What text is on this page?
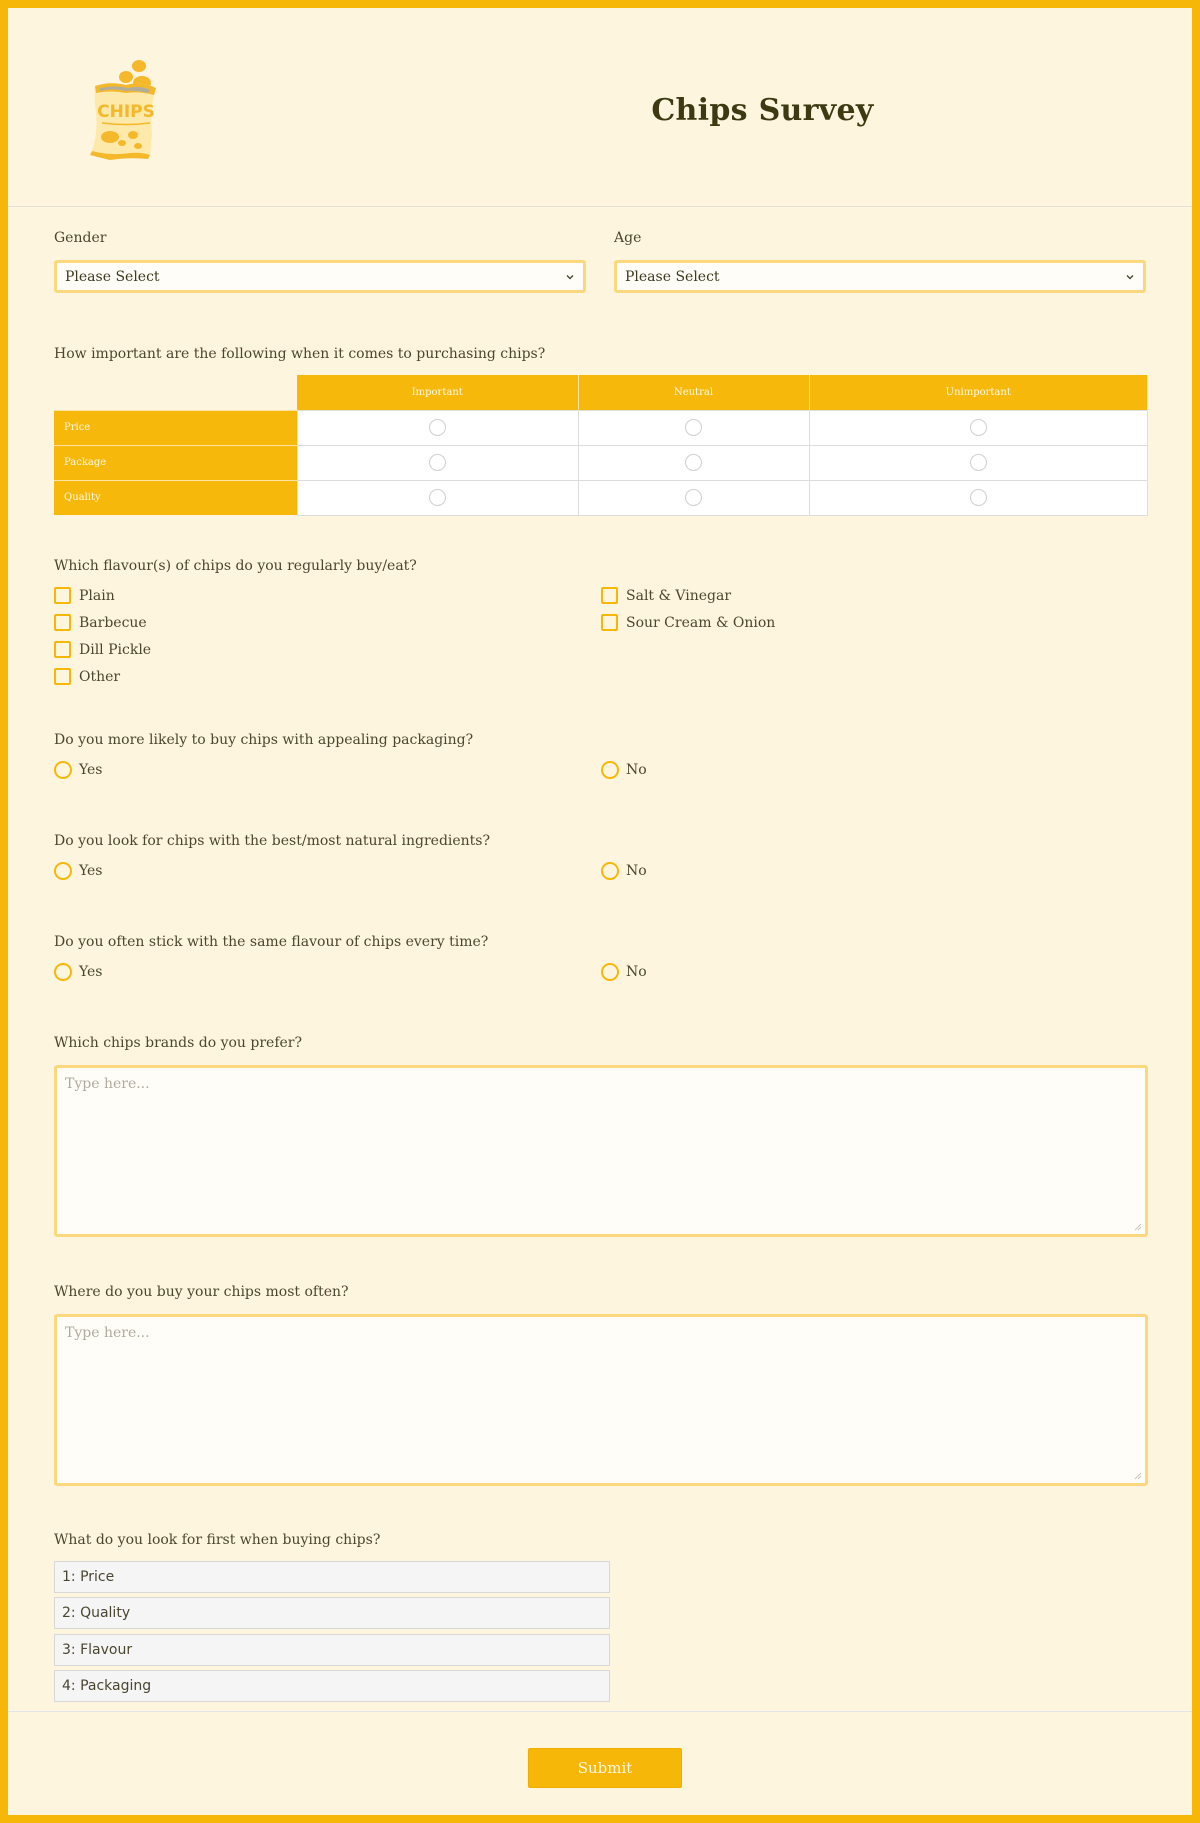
CHIPS	Chips Survey
Gender
Please Select
Age
Please Select
How important are the following when it comes to purchasing chips?
	Important	Neutral	Unimportant
Price			
Package			
Quality			
Which flavour(s) of chips do you regularly buy/eat?
Plain	Salt & Vinegar
Barbecue	Sour Cream & Onion
Dill Pickle
Other
Do you more likely to buy chips with appealing packaging?
Yes	No
Do you look for chips with the best/most natural ingredients?
Yes	No
Do you often stick with the same flavour of chips every time?
Yes	No
Which chips brands do you prefer?
Type here...
Where do you buy your chips most often?
Type here...
What do you look for first when buying chips?
1: Price
2: Quality
3: Flavour
4: Packaging
Submit
